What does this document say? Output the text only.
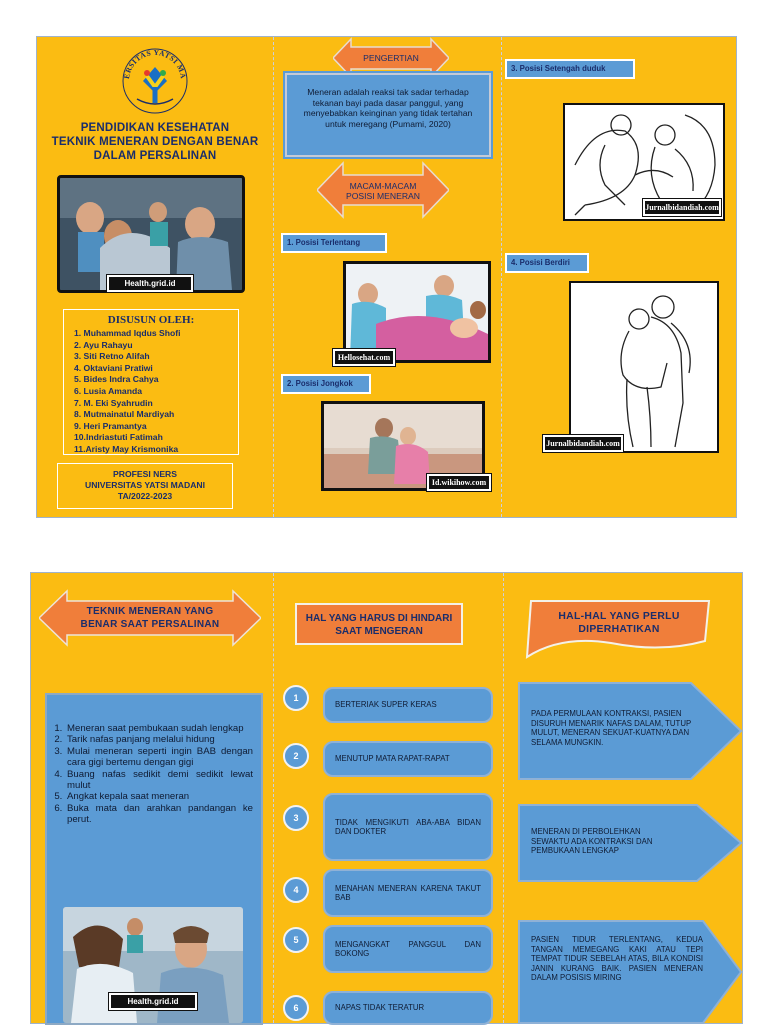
ERSITAS YATSI MA
PENDIDIKAN KESEHATAN
TEKNIK MENERAN DENGAN BENAR
DALAM PERSALINAN
Health.grid.id
DISUSUN OLEH:
1. Muhammad Iqdus Shofi
2. Ayu Rahayu
3. Siti Retno Alifah
4. Oktaviani Pratiwi
5. Bides Indra Cahya
6. Lusia Amanda
7. M. Eki Syahrudin
8. Mutmainatul Mardiyah
9. Heri Pramantya
10.Indriastuti Fatimah
11.Aristy May Krismonika
PROFESI NERS
UNIVERSITAS YATSI MADANI
TA/2022-2023
PENGERTIAN
Meneran adalah reaksi tak sadar terhadap tekanan bayi pada dasar panggul, yang menyebabkan keinginan yang tidak tertahan untuk meregang (Pumami, 2020)
MACAM-MACAM POSISI MENERAN
1. Posisi Terlentang
Hellosehat.com
2. Posisi Jongkok
Id.wikihow.com
3. Posisi Setengah duduk
Jurnalbidandiah.com
4. Posisi Berdiri
Jurnalbidandiah.com
TEKNIK MENERAN YANG BENAR SAAT PERSALINAN
1. Meneran saat pembukaan sudah lengkap
2. Tarik nafas panjang melalui hidung
3. Mulai meneran seperti ingin BAB dengan cara gigi bertemu dengan gigi
4. Buang nafas sedikit demi sedikit lewat mulut
5. Angkat kepala saat meneran
6. Buka mata dan arahkan pandangan ke perut.
Health.grid.id
HAL YANG HARUS DI HINDARI SAAT MENGERAN
1
BERTERIAK SUPER KERAS
2	MENUTUP MATA RAPAT-RAPAT
3	TIDAK MENGIKUTI ABA-ABA BIDAN DAN DOKTER
4	MENAHAN MENERAN KARENA TAKUT BAB
5	MENGANGKAT PANGGUL DAN BOKONG
6	NAPAS TIDAK TERATUR
HAL-HAL YANG PERLU DIPERHATIKAN
PADA PERMULAAN KONTRAKSI, PASIEN DISURUH MENARIK NAFAS DALAM, TUTUP MULUT, MENERAN SEKUAT-KUATNYA DAN SELAMA MUNGKIN.
MENERAN DI PERBOLEHKAN SEWAKTU ADA KONTRAKSI DAN PEMBUKAAN LENGKAP
PASIEN TIDUR TERLENTANG, KEDUA TANGAN MEMEGANG KAKI ATAU TEPI TEMPAT TIDUR SEBELAH ATAS, BILA KONDISI JANIN KURANG BAIK. PASIEN MENERAN DALAM POSISIS MIRING
